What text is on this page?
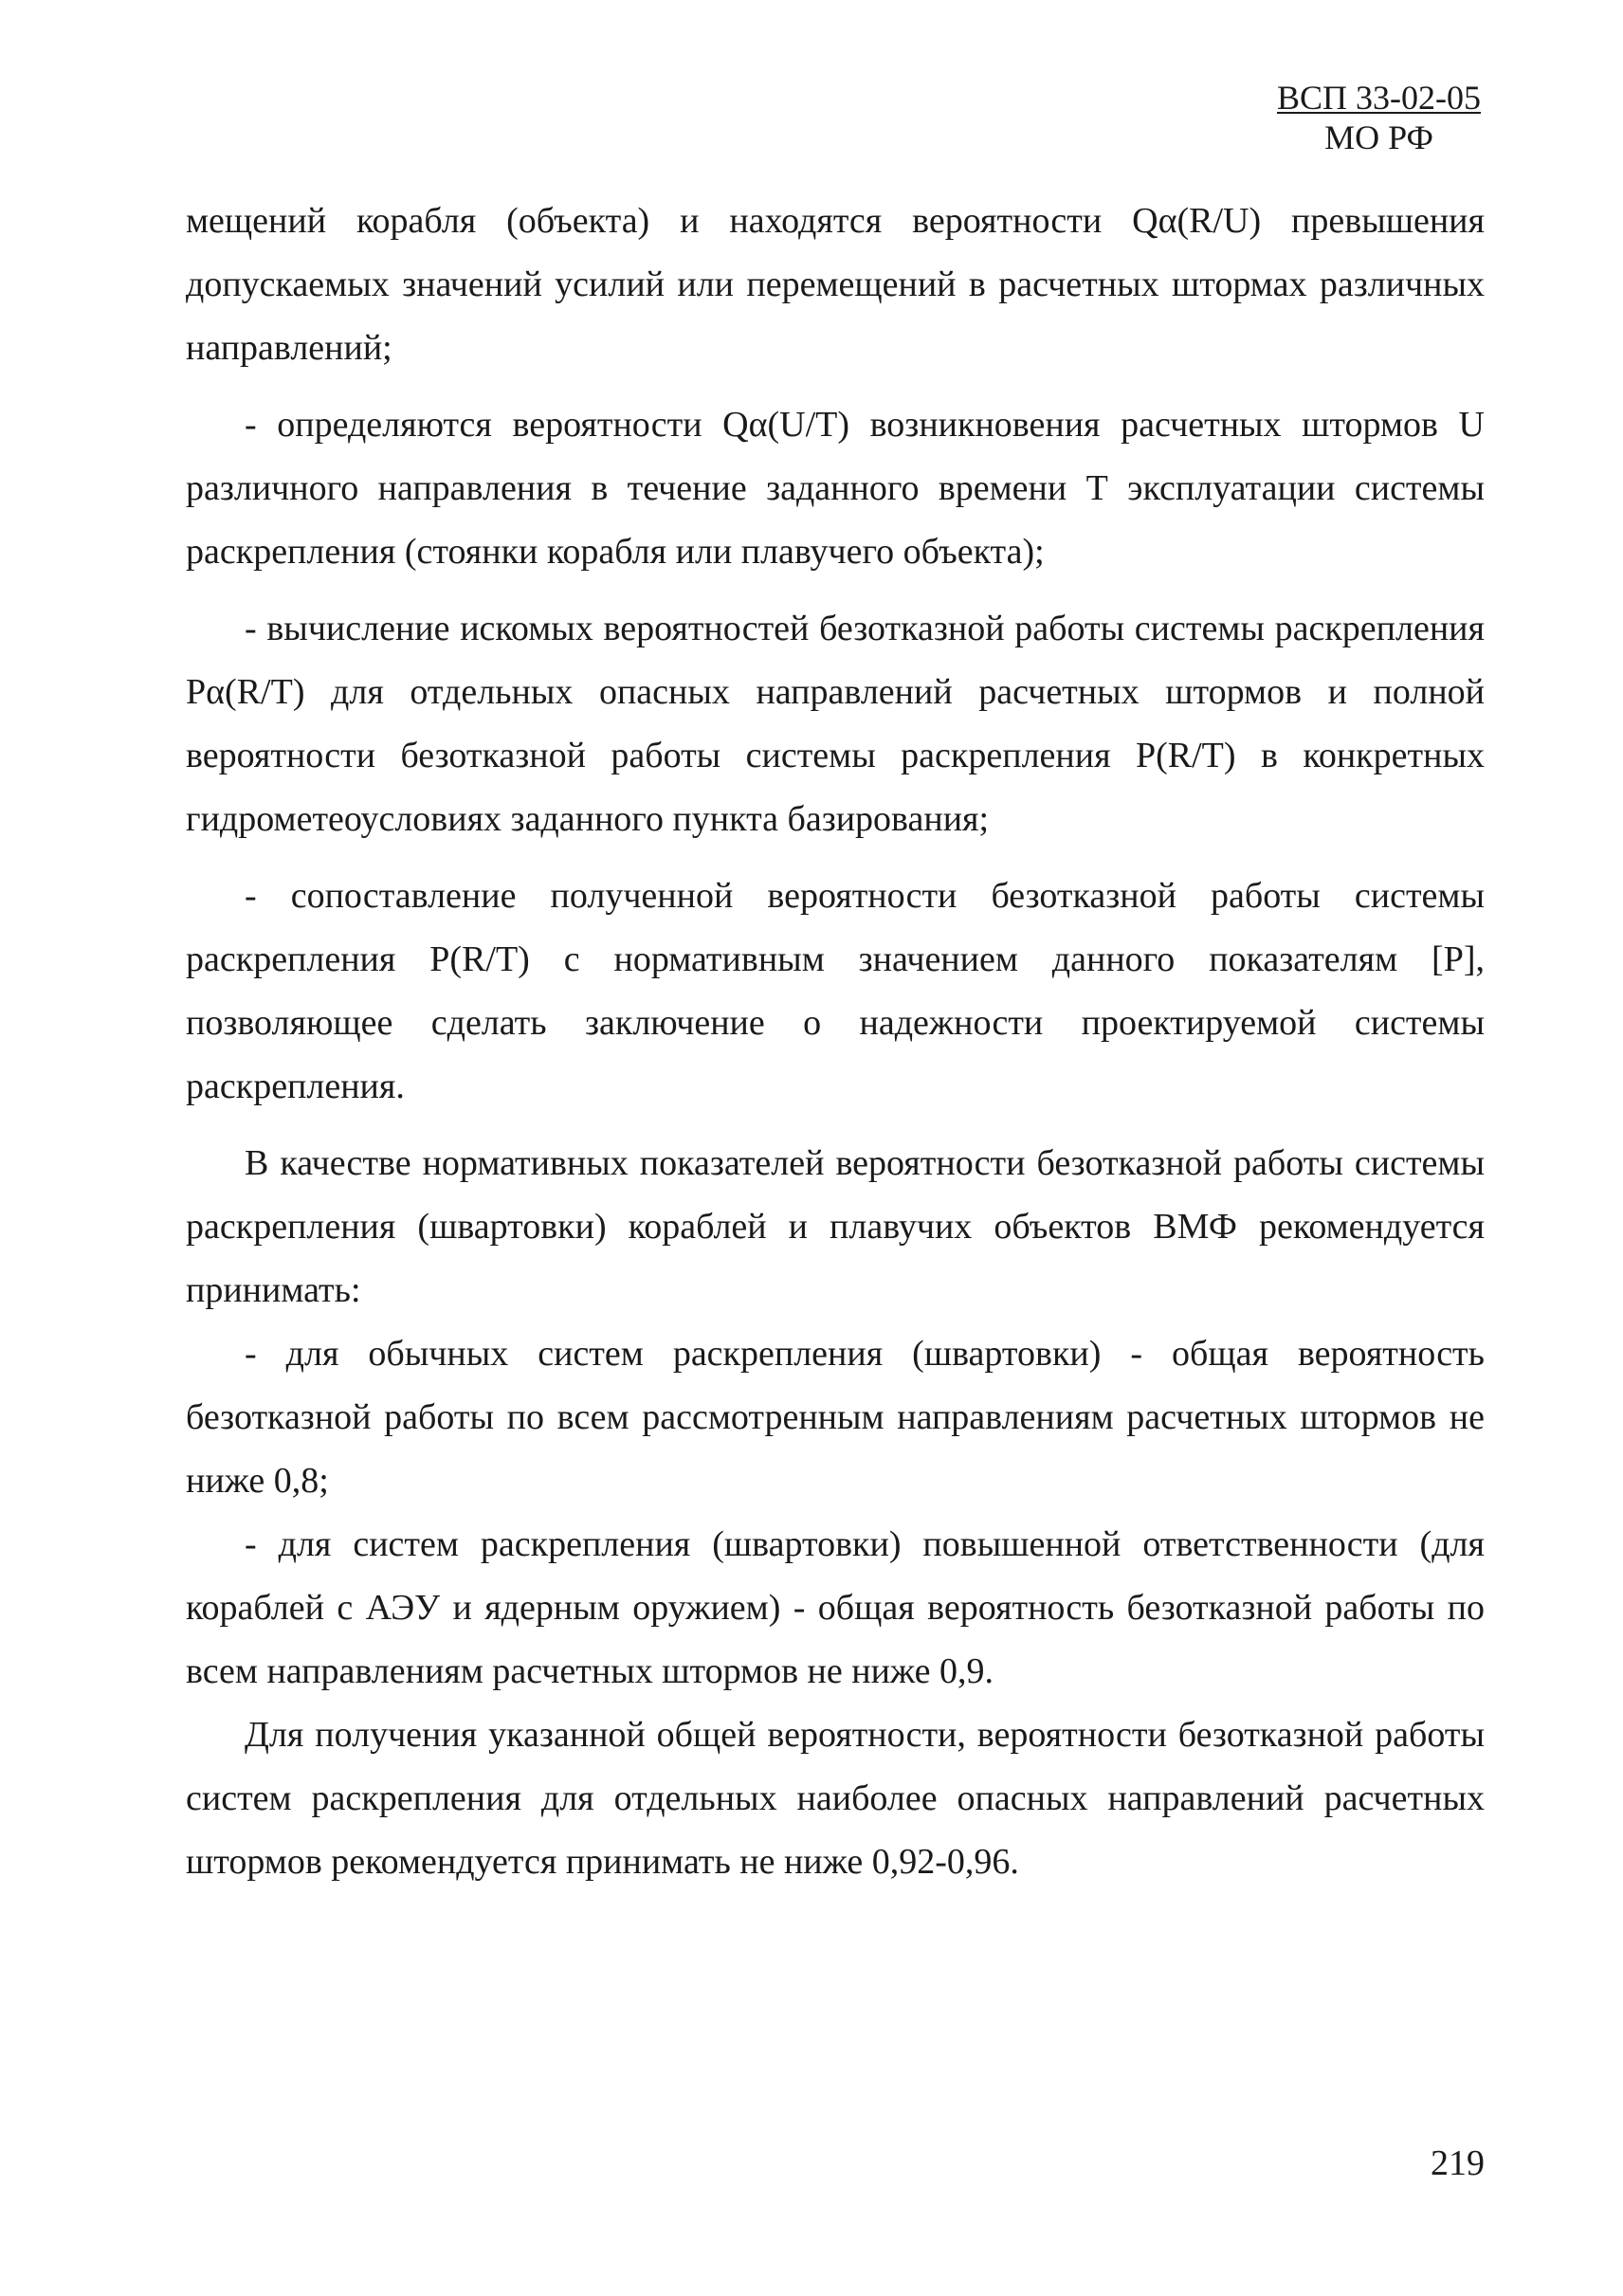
ВСП 33-02-05
МО РФ

мещений корабля (объекта) и находятся вероятности Qα(R/U) превышения допускаемых значений усилий или перемещений в расчетных штормах различных направлений;

- определяются вероятности Qα(U/T) возникновения расчетных штормов U различного направления в течение заданного времени Т эксплуатации системы раскрепления (стоянки корабля или плавучего объекта);

- вычисление искомых вероятностей безотказной работы системы раскрепления Pα(R/T) для отдельных опасных направлений расчетных штормов и полной вероятности безотказной работы системы раскрепления P(R/T) в конкретных гидрометеоусловиях заданного пункта базирования;

- сопоставление полученной вероятности безотказной работы системы раскрепления P(R/T) с нормативным значением данного показателям [P], позволяющее сделать заключение о надежности проектируемой системы раскрепления.

В качестве нормативных показателей вероятности безотказной работы системы раскрепления (швартовки) кораблей и плавучих объектов ВМФ рекомендуется принимать:

- для обычных систем раскрепления (швартовки) - общая вероятность безотказной работы по всем рассмотренным направлениям расчетных штормов не ниже 0,8;

- для систем раскрепления (швартовки) повышенной ответственности (для кораблей с АЭУ и ядерным оружием) - общая вероятность безотказной работы по всем направлениям расчетных штормов не ниже 0,9.

Для получения указанной общей вероятности, вероятности безотказной работы систем раскрепления для отдельных наиболее опасных направлений расчетных штормов рекомендуется принимать не ниже 0,92-0,96.

219
